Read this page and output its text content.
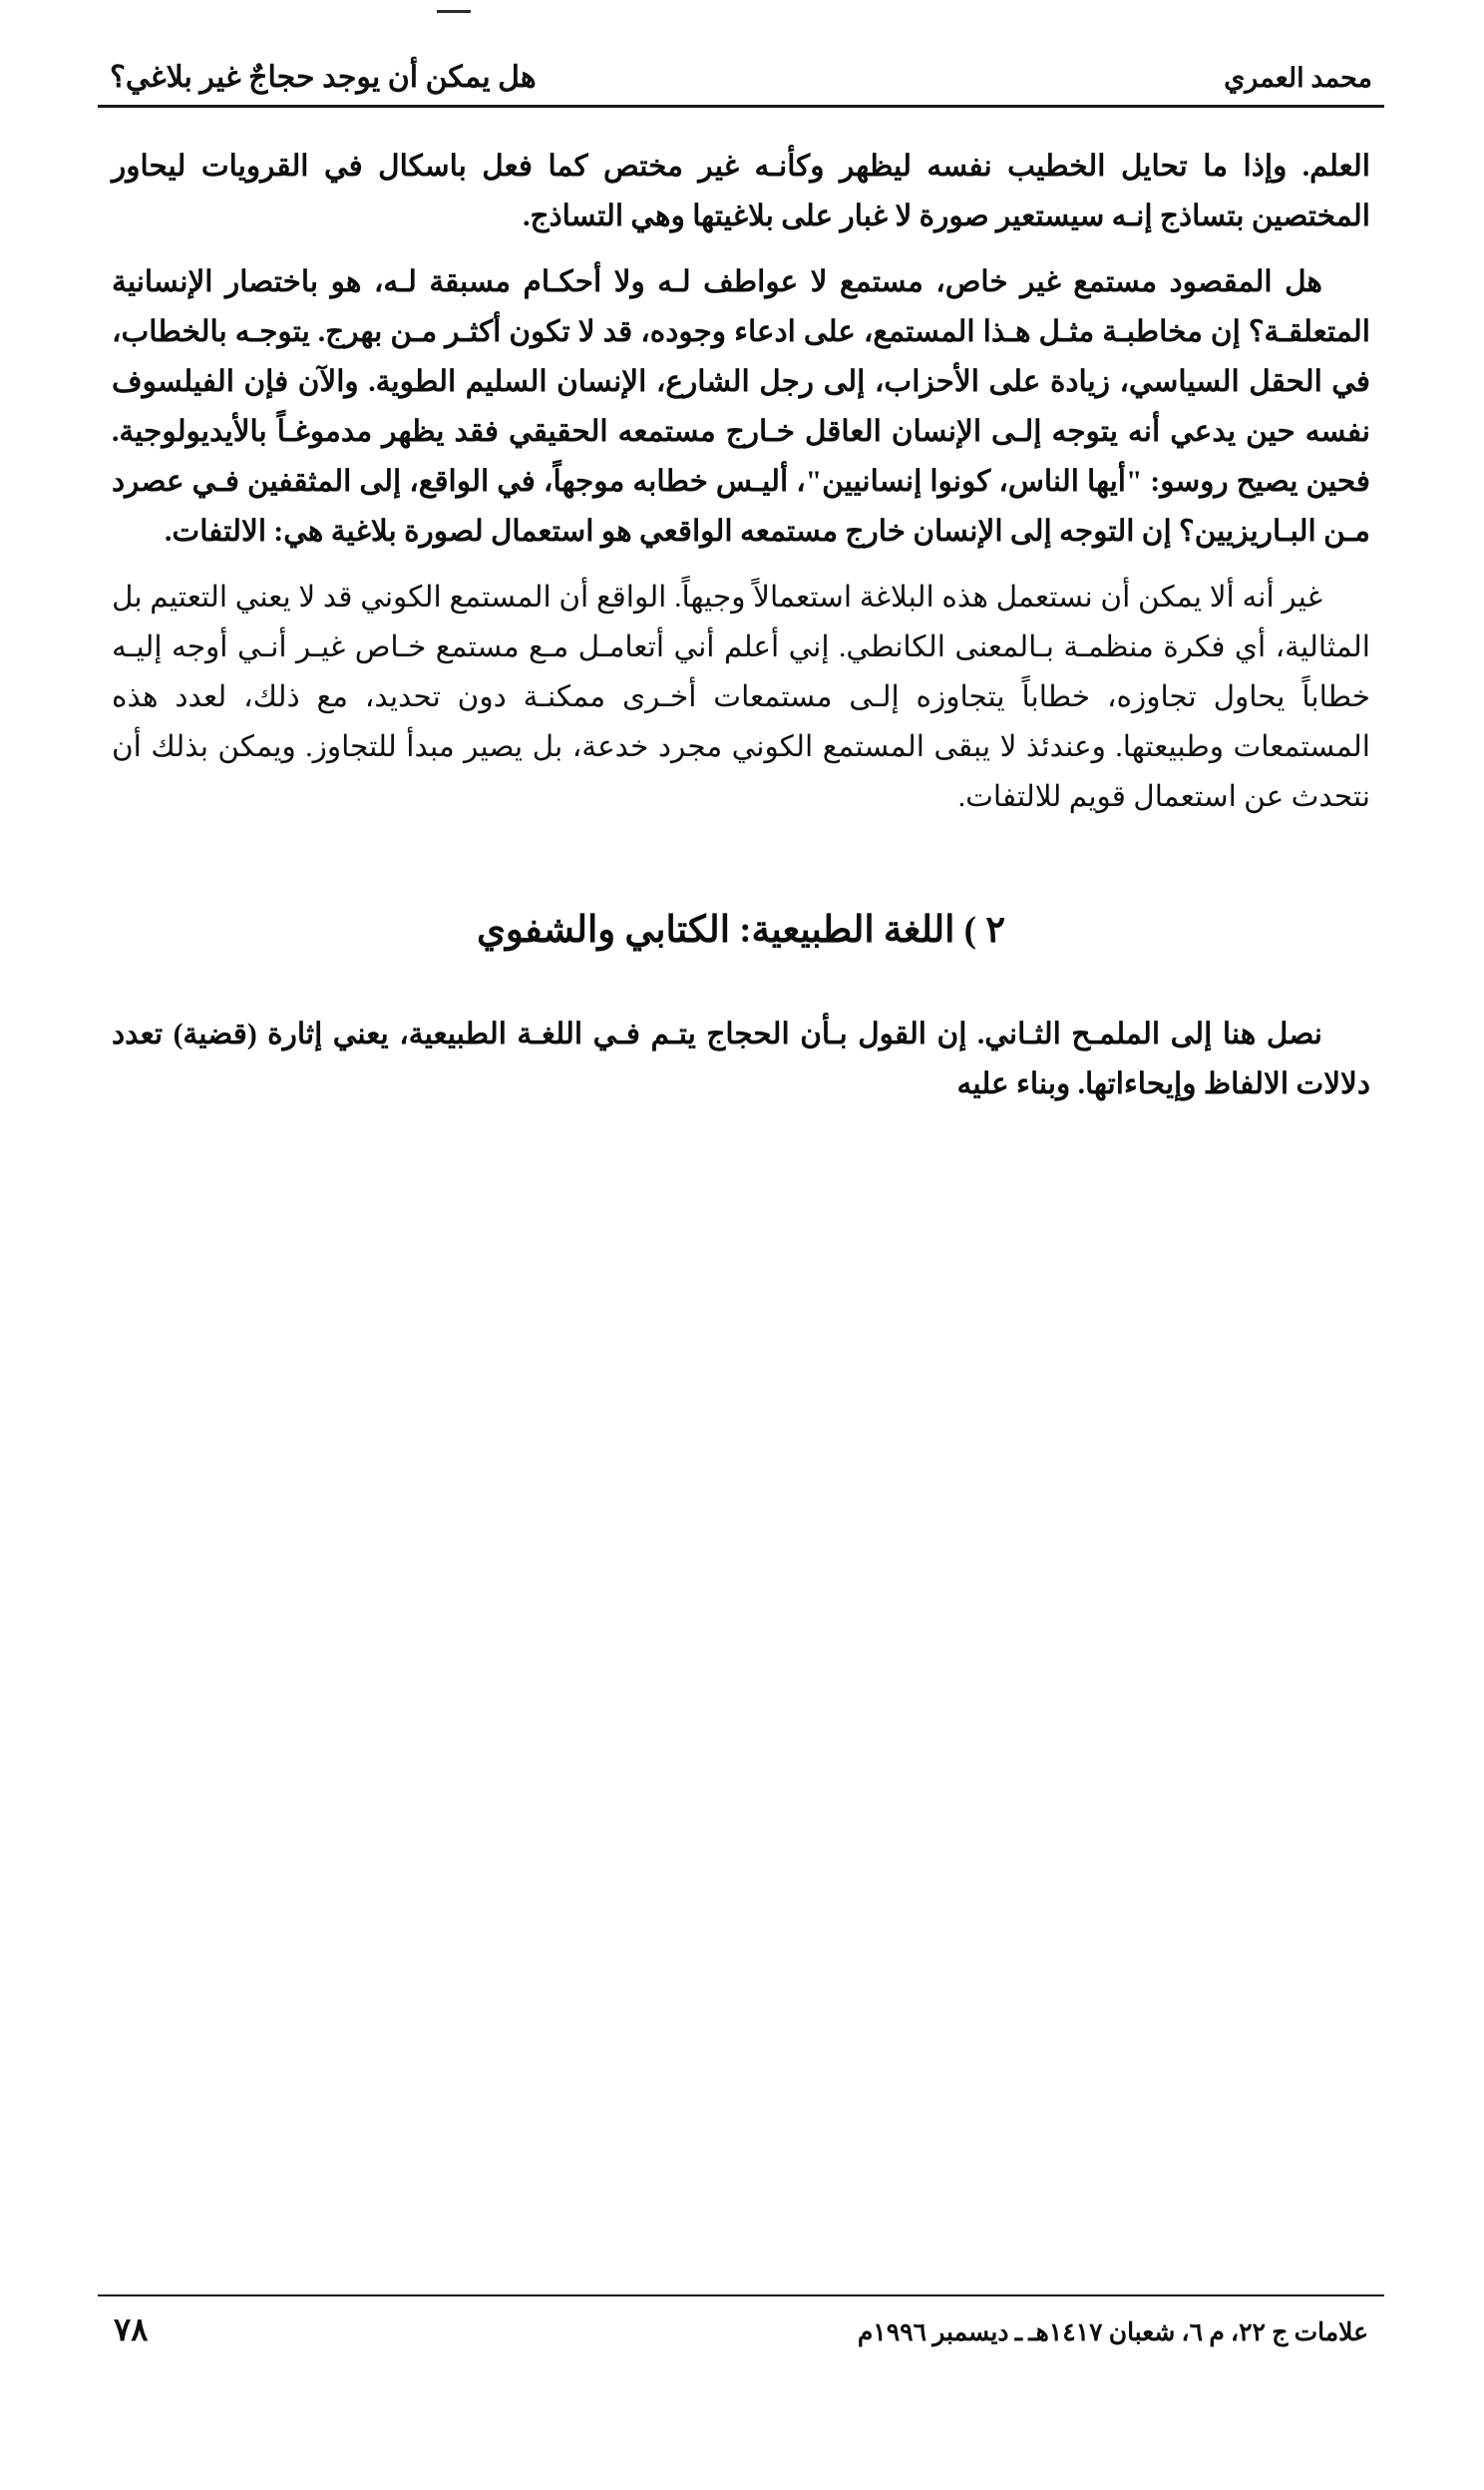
هل يمكن أن يوجد حجاجٌ غير بلاغي؟	محمد العمري

العلم. وإذا ما تحايل الخطيب نفسه ليظهر وكأنـه غير مختص كما فعل باسكال في القرويات ليحاور المختصين بتساذج إنـه سيستعير صورة لا غبار على بلاغيتها وهي التساذج.

هل المقصود مستمع غير خاص، مستمع لا عواطف لـه ولا أحكـام مسبقة لـه، هو باختصار الإنسانية المتعلقـة؟ إن مخاطبـة مثـل هـذا المستمع، على ادعاء وجوده، قد لا تكون أكثـر مـن بهرج. يتوجـه بالخطاب، في الحقل السياسي، زيادة على الأحزاب، إلى رجل الشارع، الإنسان السليم الطوية. والآن فإن الفيلسوف نفسه حين يدعي أنه يتوجه إلـى الإنسان العاقل خـارج مستمعه الحقيقي فقد يظهر مدموغـاً بالأيديولوجية. فحين يصيح روسو: "أيها الناس، كونوا إنسانيين"، أليـس خطابه موجهاً، في الواقع، إلى المثقفين فـي عصرد مـن البـاريزيين؟ إن التوجه إلى الإنسان خارج مستمعه الواقعي هو استعمال لصورة بلاغية هي: الالتفات.

غير أنه ألا يمكن أن نستعمل هذه البلاغة استعمالاً وجيهاً. الواقع أن المستمع الكوني قد لا يعني التعتيم بل المثالية، أي فكرة منظمـة بـالمعنى الكانطي. إني أعلم أني أتعامـل مـع مستمع خـاص غيـر أنـي أوجه إليـه خطاباً يحاول تجاوزه، خطاباً يتجاوزه إلـى مستمعات أخـرى ممكنـة دون تحديد، مع ذلك، لعدد هذه المستمعات وطبيعتها. وعندئذ لا يبقى المستمع الكوني مجرد خدعة، بل يصير مبدأ للتجاوز. ويمكن بذلك أن نتحدث عن استعمال قويم للالتفات.

٢ ) اللغة الطبيعية: الكتابي والشفوي

نصل هنا إلى الملمـح الثـاني. إن القول بـأن الحجاج يتـم فـي اللغـة الطبيعية، يعني إثارة (قضية) تعدد دلالات الالفاظ وإيحاءاتها. وبناء عليه

٧٨	علامات ج ٢٢، م ٦، شعبان ١٤١٧هـ ـ ديسمبر ١٩٩٦م
